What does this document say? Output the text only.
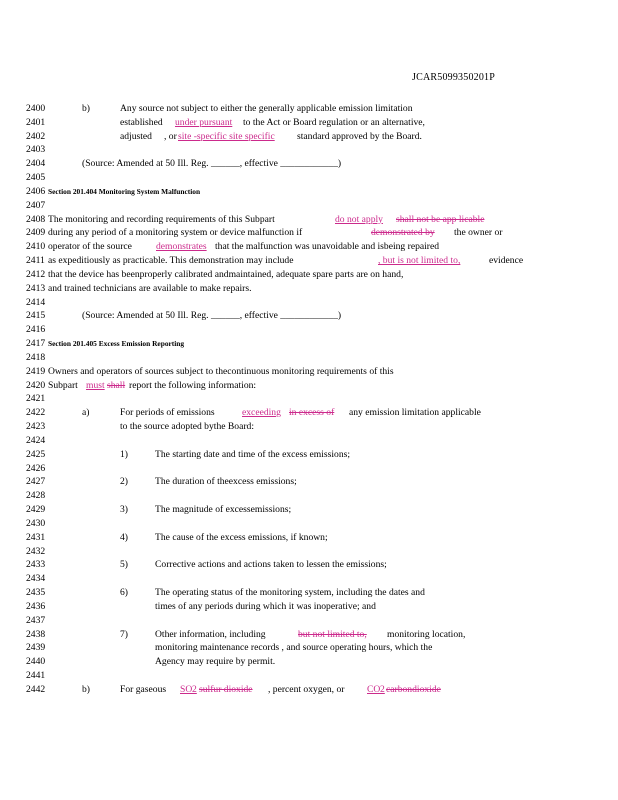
JCAR5099350201P
2400	b)	Any source not subject to either the generally applicable emission limitation
2401	established under pursuant to the Act or Board regulation or an alternative,
2402	adjusted , or site -specific site specific standard approved by the Board.
2403
2404	(Source: Amended at 50 Ill. Reg. ______, effective ____________)
2405
2406 Section 201.404 Monitoring System Malfunction
2407
2408 The monitoring and recording requirements of this Subpart	do not apply shall not be app licable
2409 during any period of a monitoring system or device malfunction if	demonstrated by the owner or
2410 operator of the source	demonstrates that the malfunction was unavoidable and isbeing repaired
2411 as expeditiously as practicable. This demonstration may include	, but is not limited to,	evidence
2412 that the device has beenproperly calibrated andmaintained, adequate spare parts are on hand,
2413 and trained technicians are available to make repairs.
2414
2415	(Source: Amended at 50 Ill. Reg. ______, effective ____________)
2416
2417 Section 201.405 Excess Emission Reporting
2418
2419 Owners and operators of sources subject to thecontinuous monitoring requirements of this
2420 Subpart must shall report the following information:
2421
2422	a)	For periods of emissions	exceeding in excess of any emission limitation applicable
2423	to the source adopted bythe Board:
2424
2425	1)	The starting date and time of the excess emissions;
2426
2427	2)	The duration of theexcess emissions;
2428
2429	3)	The magnitude of excessemissions;
2430
2431	4)	The cause of the excess emissions, if known;
2432
2433	5)	Corrective actions and actions taken to lessen the emissions;
2434
2435	6)	The operating status of the monitoring system, including the dates and
2436	times of any periods during which it was inoperative; and
2437
2438	7)	Other information, including	but not limited to, monitoring location,
2439	monitoring maintenance records , and source operating hours, which the
2440	Agency may require by permit.
2441
2442	b)	For gaseous SO 2 sulfur dioxide , percent oxygen, or CO 2 carbondioxide
